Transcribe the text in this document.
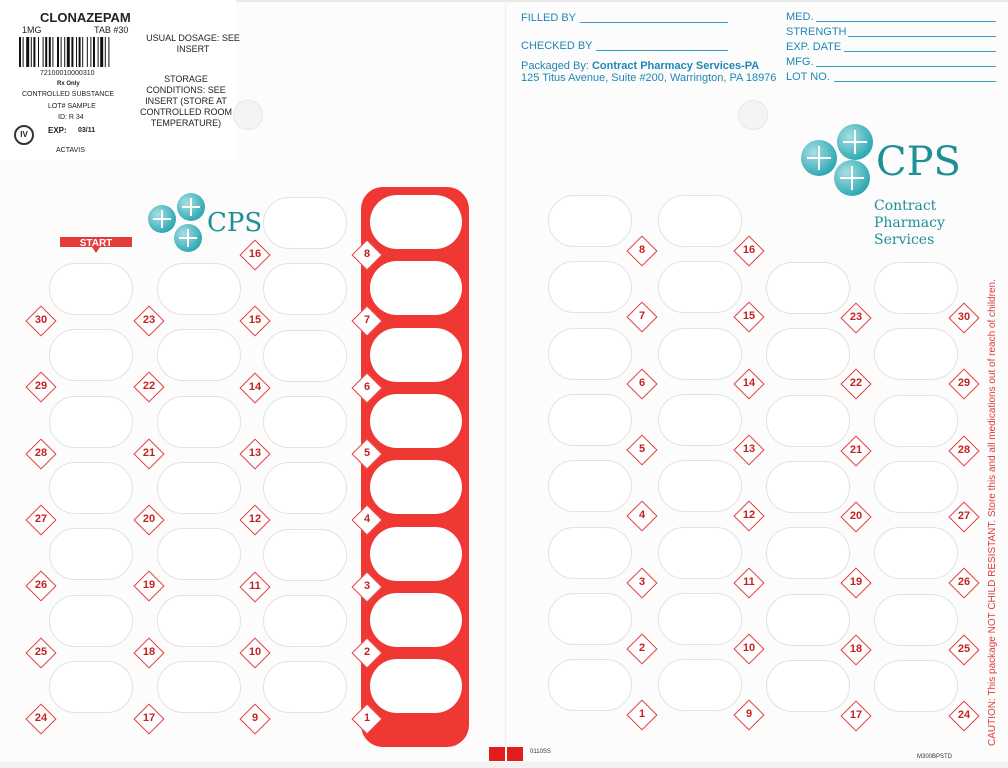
CLONAZEPAM
1MG	TAB #30
72100010000310
Rx Only
CONTROLLED SUBSTANCE
LOT# SAMPLE
ID: R 34
IV	EXP: 03/11
ACTAVIS
USUAL DOSAGE: SEE INSERT
STORAGE CONDITIONS: SEE INSERT (STORE AT CONTROLLED ROOM TEMPERATURE)
FILLED BY
CHECKED BY
Packaged By: Contract Pharmacy Services-PA
125 Titus Avenue, Suite #200, Warrington, PA 18976
MED.
STRENGTH
EXP. DATE
MFG.
LOT NO.
CPS
Contract
Pharmacy
Services
CPS
START
30
29
28
27
26
25
24
23
22
21
20
19
18
17
16
15
14
13
12
11
10
9
8
7
6
5
4
3
2
1
8
7
6
5
4
3
2
1
16
15
14
13
12
11
10
9
23
22
21
20
19
18
17
30
29
28
27
26
25
24
0110SS
M300BPSTD
CAUTION: This package NOT CHILD RESISTANT. Store this and all medications out of reach of children.
